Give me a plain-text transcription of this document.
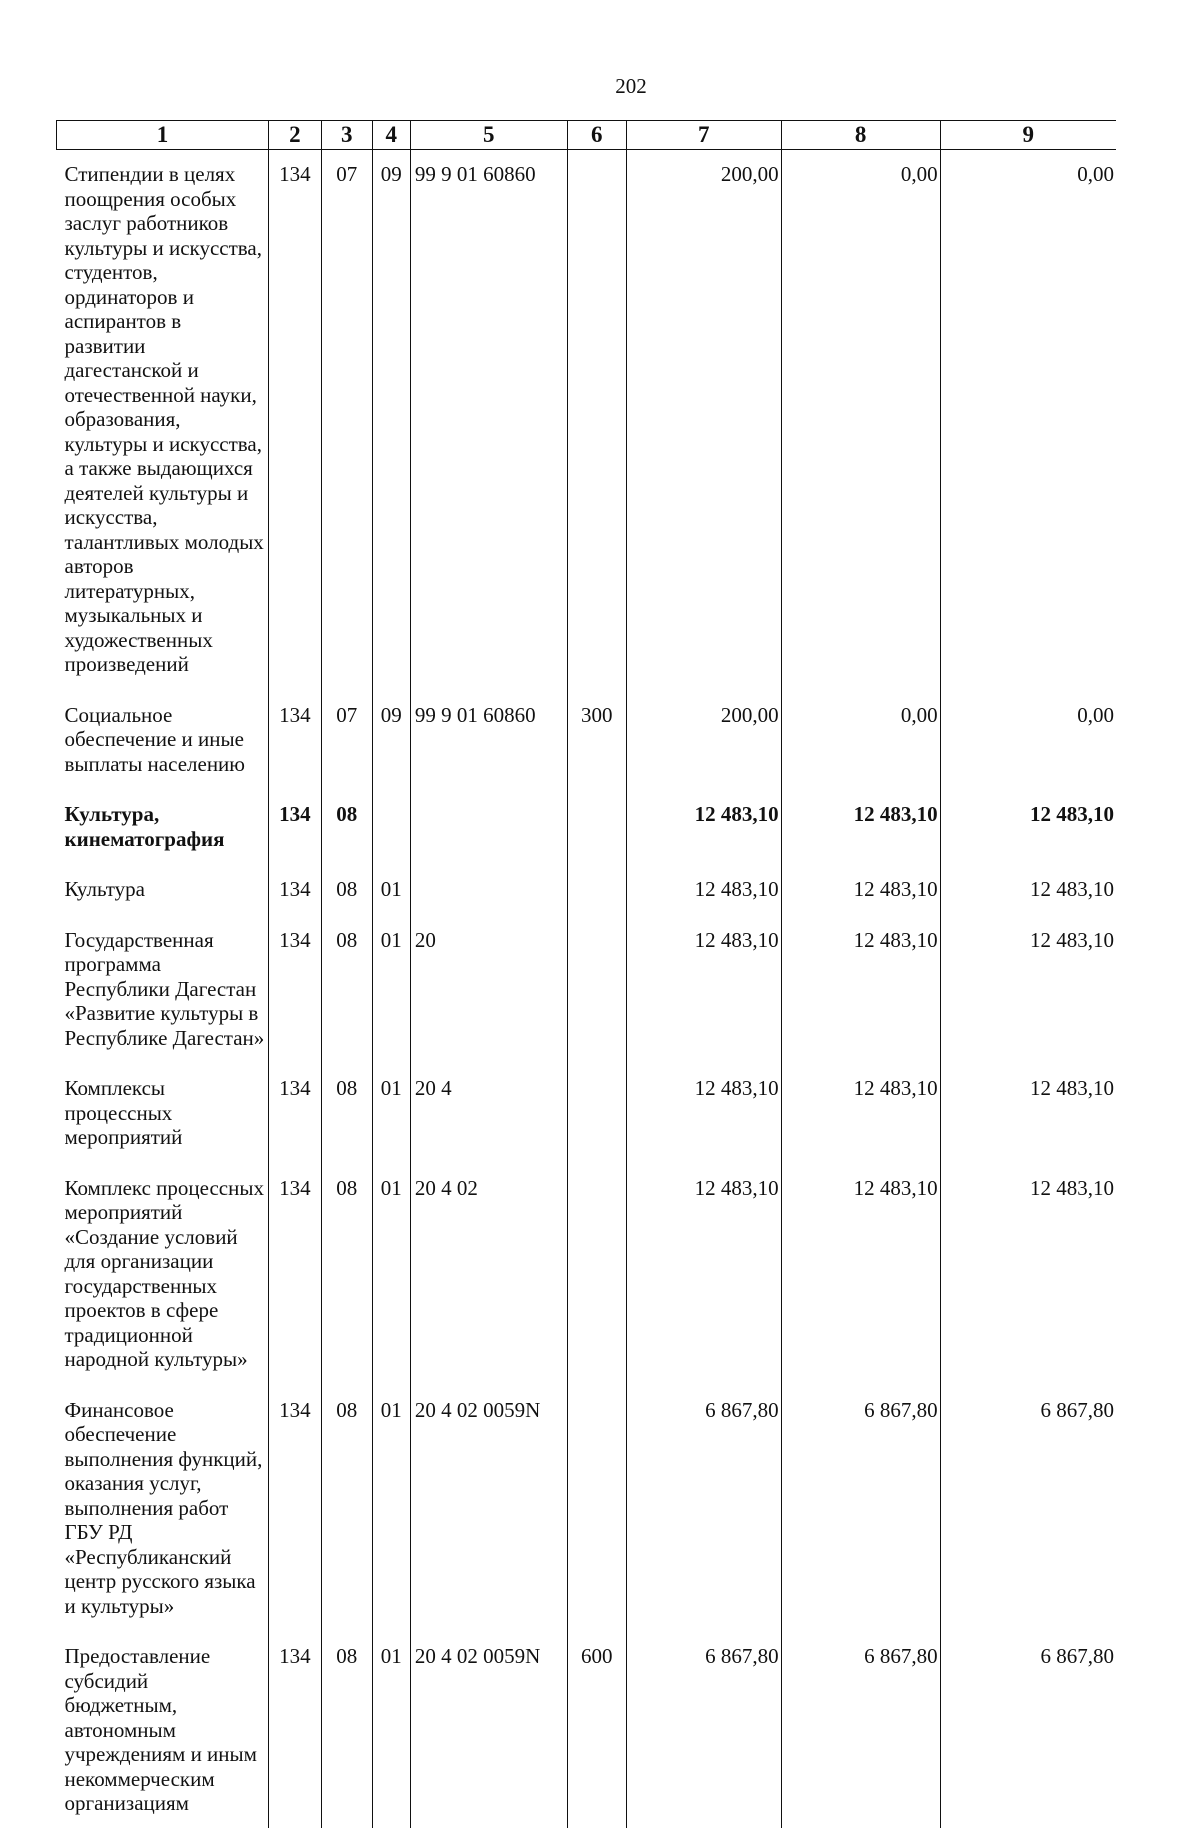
202
1	2	3	4	5	6	7	8	9
Стипендии в целях поощрения особых заслуг работников культуры и искусства, студентов, ординаторов и аспирантов в развитии дагестанской и отечественной науки, образования, культуры и искусства, а также выдающихся деятелей культуры и искусства, талантливых молодых авторов литературных, музыкальных и художественных произведений	134	07	09	99 9 01 60860		200,00	0,00	0,00
Социальное обеспечение и иные выплаты населению	134	07	09	99 9 01 60860	300	200,00	0,00	0,00
Культура, кинематография	134	08				12 483,10	12 483,10	12 483,10
Культура	134	08	01			12 483,10	12 483,10	12 483,10
Государственная программа Республики Дагестан «Развитие культуры в Республике Дагестан»	134	08	01	20		12 483,10	12 483,10	12 483,10
Комплексы процессных мероприятий	134	08	01	20 4		12 483,10	12 483,10	12 483,10
Комплекс процессных мероприятий «Создание условий для организации государственных проектов в сфере традиционной народной культуры»	134	08	01	20 4 02		12 483,10	12 483,10	12 483,10
Финансовое обеспечение выполнения функций, оказания услуг, выполнения работ ГБУ РД «Республиканский центр русского языка и культуры»	134	08	01	20 4 02 0059N		6 867,80	6 867,80	6 867,80
Предоставление субсидий бюджетным, автономным учреждениям и иным некоммерческим организациям	134	08	01	20 4 02 0059N	600	6 867,80	6 867,80	6 867,80
